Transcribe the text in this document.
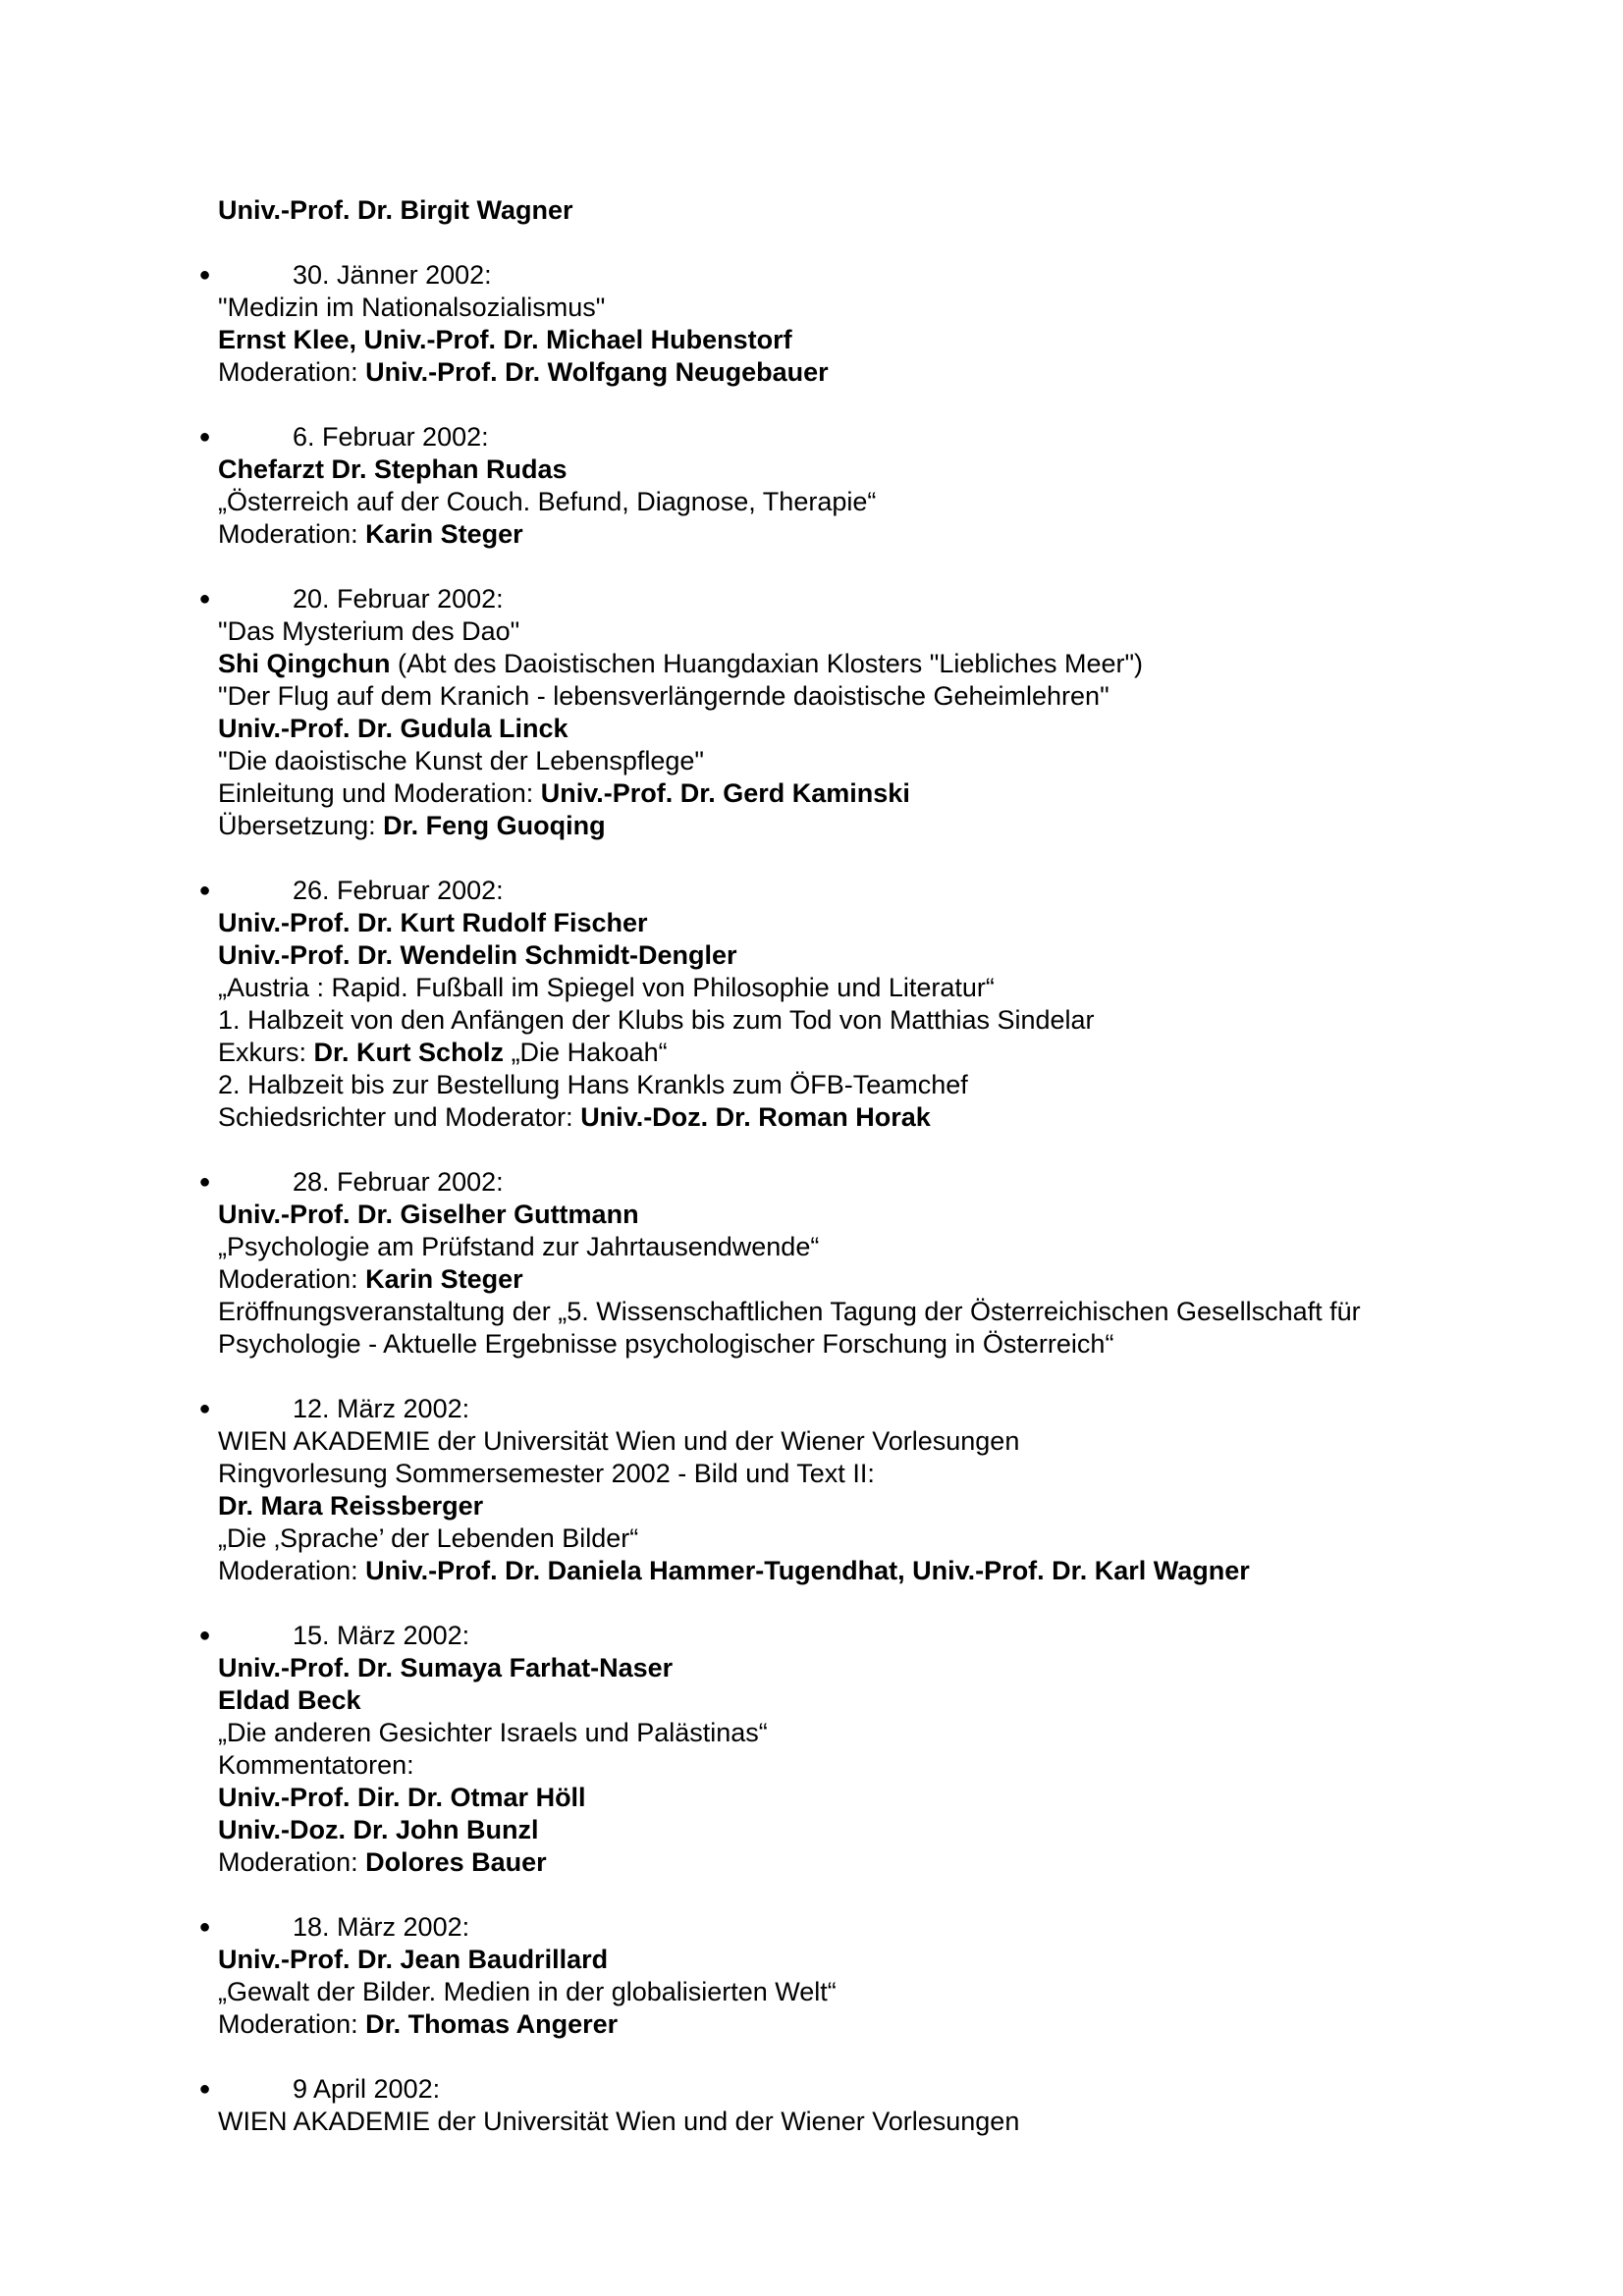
Univ.-Prof. Dr. Birgit Wagner
●	30. Jänner 2002:
"Medizin im Nationalsozialismus"
Ernst Klee, Univ.-Prof. Dr. Michael Hubenstorf
Moderation: Univ.-Prof. Dr. Wolfgang Neugebauer
●	6. Februar 2002:
Chefarzt Dr. Stephan Rudas
„Österreich auf der Couch. Befund, Diagnose, Therapie“
Moderation: Karin Steger
●	20. Februar 2002:
"Das Mysterium des Dao"
Shi Qingchun (Abt des Daoistischen Huangdaxian Klosters "Liebliches Meer")
"Der Flug auf dem Kranich - lebensverlängernde daoistische Geheimlehren"
Univ.-Prof. Dr. Gudula Linck
"Die daoistische Kunst der Lebenspflege"
Einleitung und Moderation: Univ.-Prof. Dr. Gerd Kaminski
Übersetzung: Dr. Feng Guoqing
●	26. Februar 2002:
Univ.-Prof. Dr. Kurt Rudolf Fischer
Univ.-Prof. Dr. Wendelin Schmidt-Dengler
„Austria : Rapid. Fußball im Spiegel von Philosophie und Literatur“
1. Halbzeit von den Anfängen der Klubs bis zum Tod von Matthias Sindelar
Exkurs: Dr. Kurt Scholz „Die Hakoah“
2. Halbzeit bis zur Bestellung Hans Krankls zum ÖFB-Teamchef
Schiedsrichter und Moderator: Univ.-Doz. Dr. Roman Horak
●	28. Februar 2002:
Univ.-Prof. Dr. Giselher Guttmann
„Psychologie am Prüfstand zur Jahrtausendwende“
Moderation: Karin Steger
Eröffnungsveranstaltung der „5. Wissenschaftlichen Tagung der Österreichischen Gesellschaft für
Psychologie - Aktuelle Ergebnisse psychologischer Forschung in Österreich“
●	12. März 2002:
WIEN AKADEMIE der Universität Wien und der Wiener Vorlesungen
Ringvorlesung Sommersemester 2002 - Bild und Text II:
Dr. Mara Reissberger
„Die ‚Sprache’ der Lebenden Bilder“
Moderation: Univ.-Prof. Dr. Daniela Hammer-Tugendhat, Univ.-Prof. Dr. Karl Wagner
●	15. März 2002:
Univ.-Prof. Dr. Sumaya Farhat-Naser
Eldad Beck
„Die anderen Gesichter Israels und Palästinas“
Kommentatoren:
Univ.-Prof. Dir. Dr. Otmar Höll
Univ.-Doz. Dr. John Bunzl
Moderation: Dolores Bauer
●	18. März 2002:
Univ.-Prof. Dr. Jean Baudrillard
„Gewalt der Bilder. Medien in der globalisierten Welt“
Moderation: Dr. Thomas Angerer
●	9 April 2002:
WIEN AKADEMIE der Universität Wien und der Wiener Vorlesungen
